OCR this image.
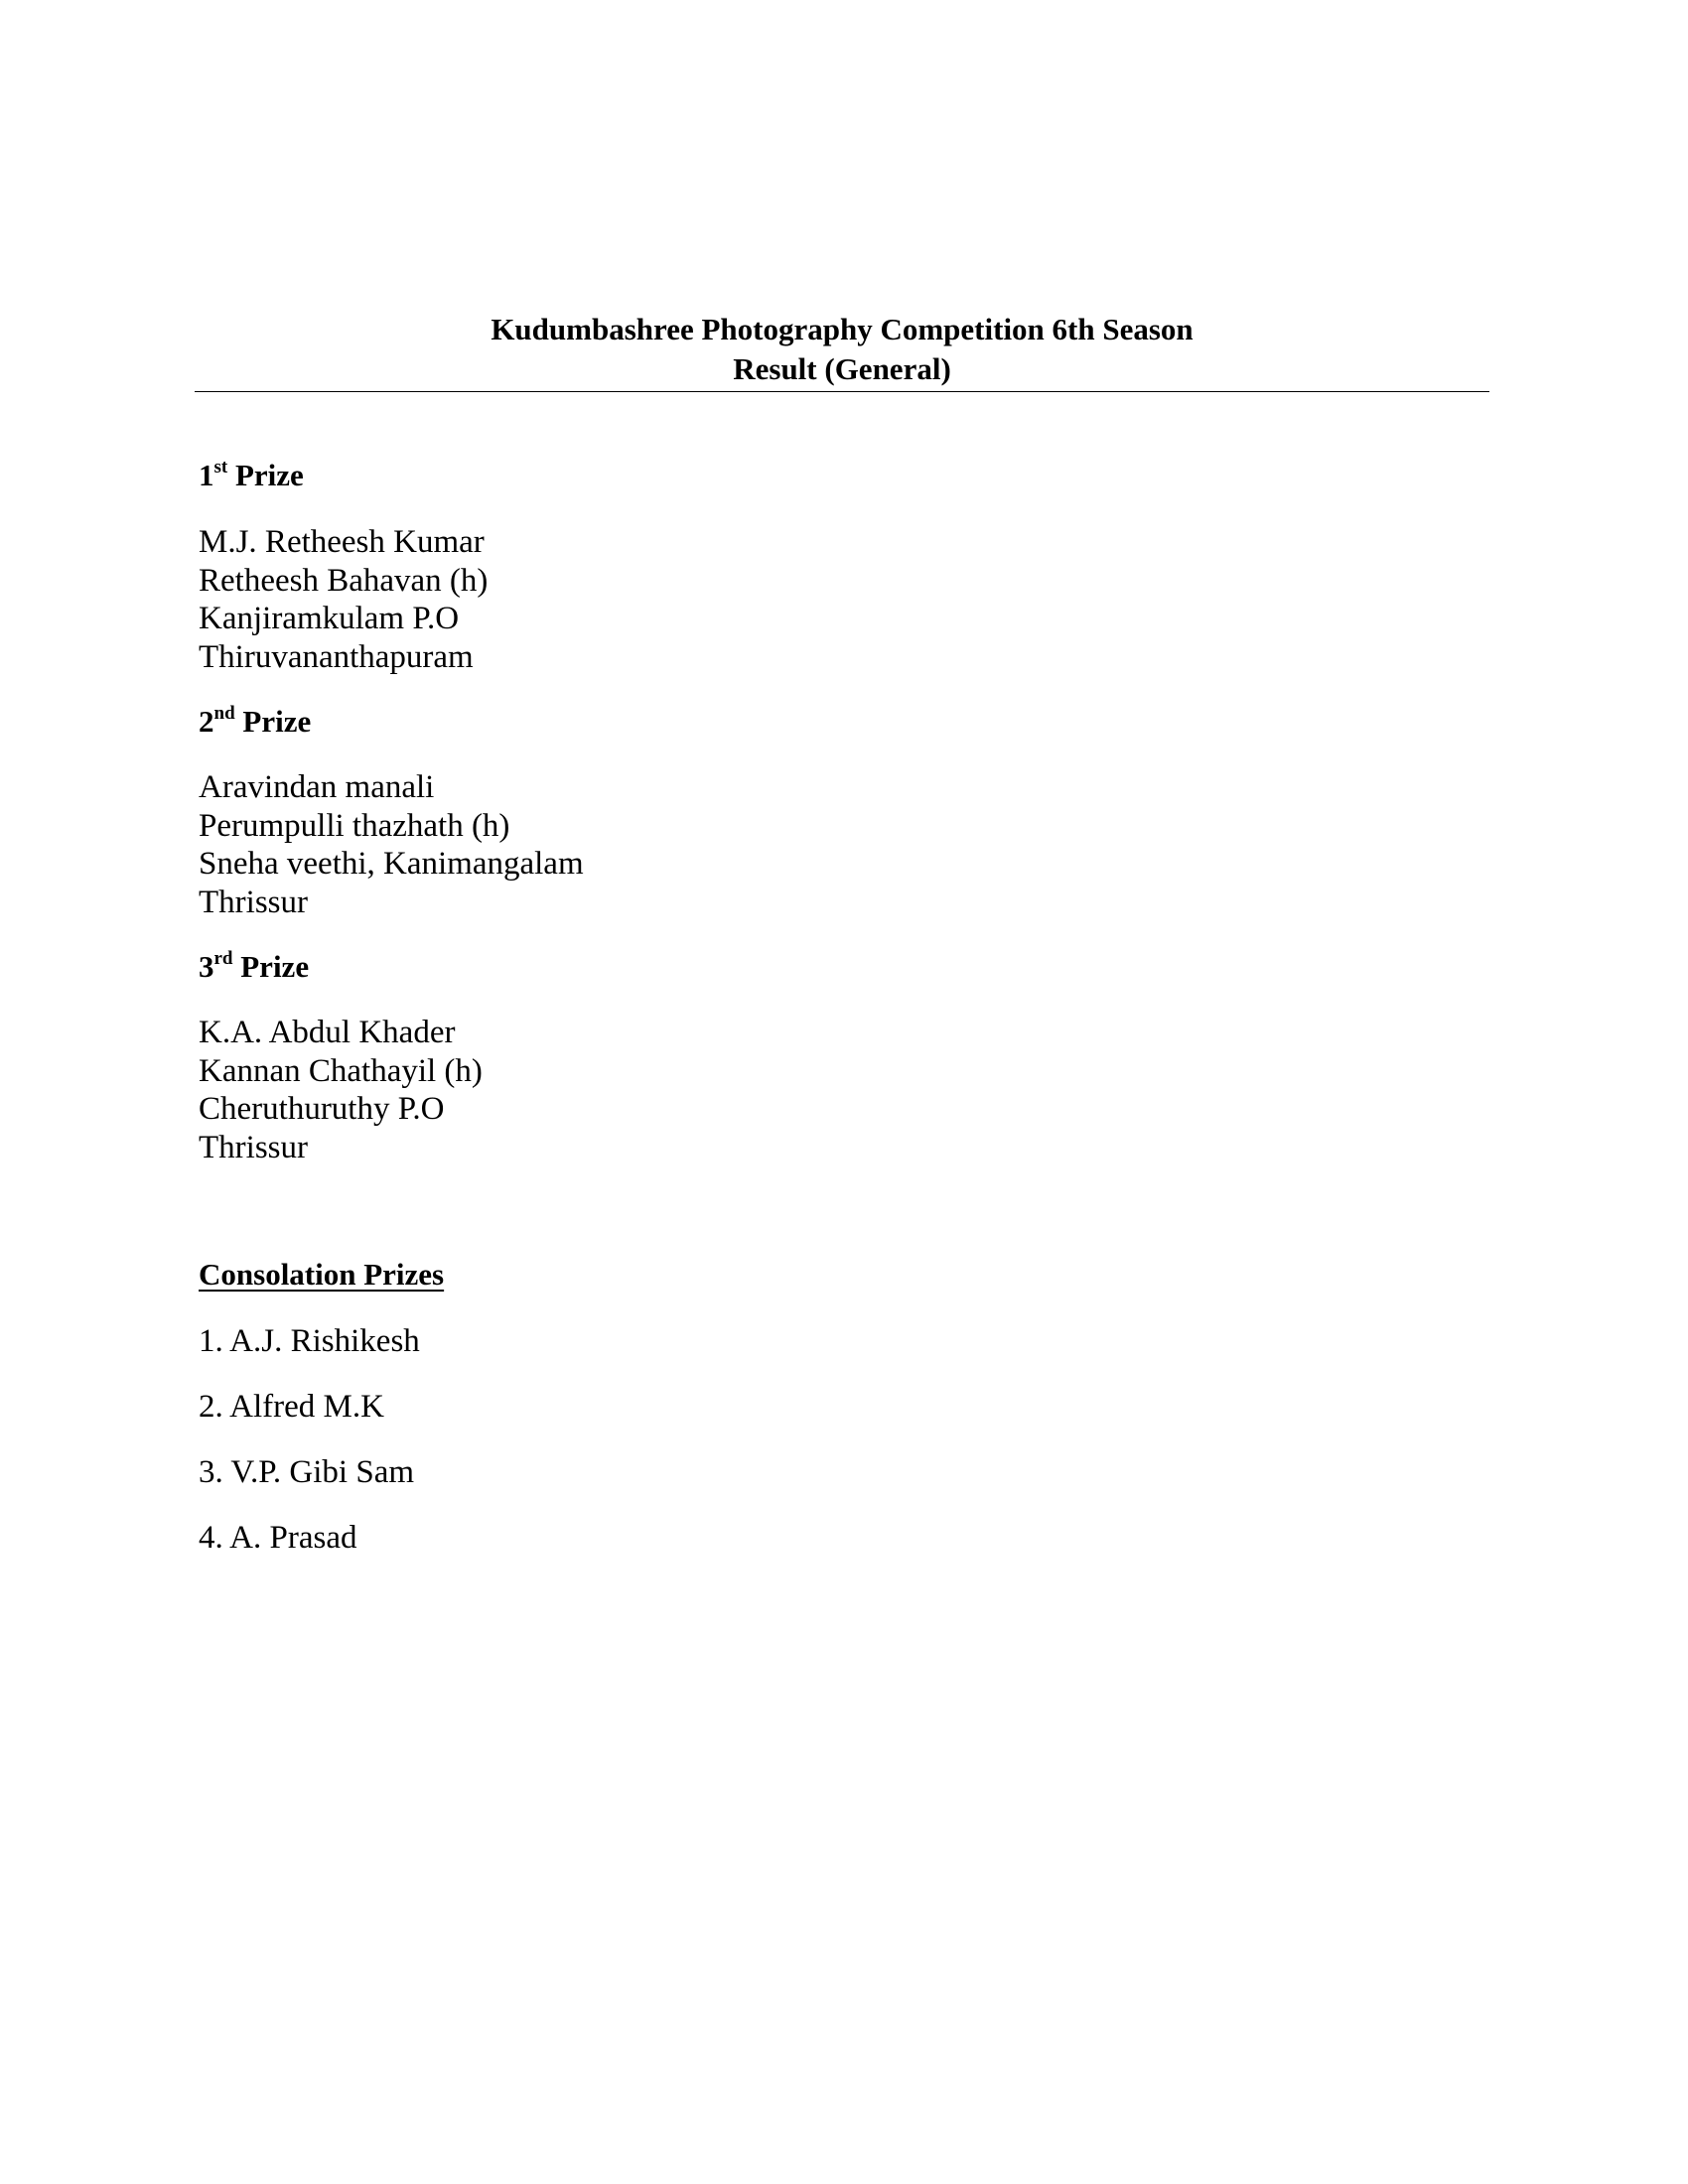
Kudumbashree Photography Competition 6th Season
Result (General)
1st Prize
M.J. Retheesh Kumar
Retheesh Bahavan (h)
Kanjiramkulam P.O
Thiruvananthapuram
2nd Prize
Aravindan manali
Perumpulli thazhath (h)
Sneha veethi, Kanimangalam
Thrissur
3rd Prize
K.A. Abdul Khader
Kannan Chathayil (h)
Cheruthuruthy P.O
Thrissur
Consolation Prizes
1. A.J. Rishikesh
2. Alfred M.K
3. V.P. Gibi Sam
4. A. Prasad
